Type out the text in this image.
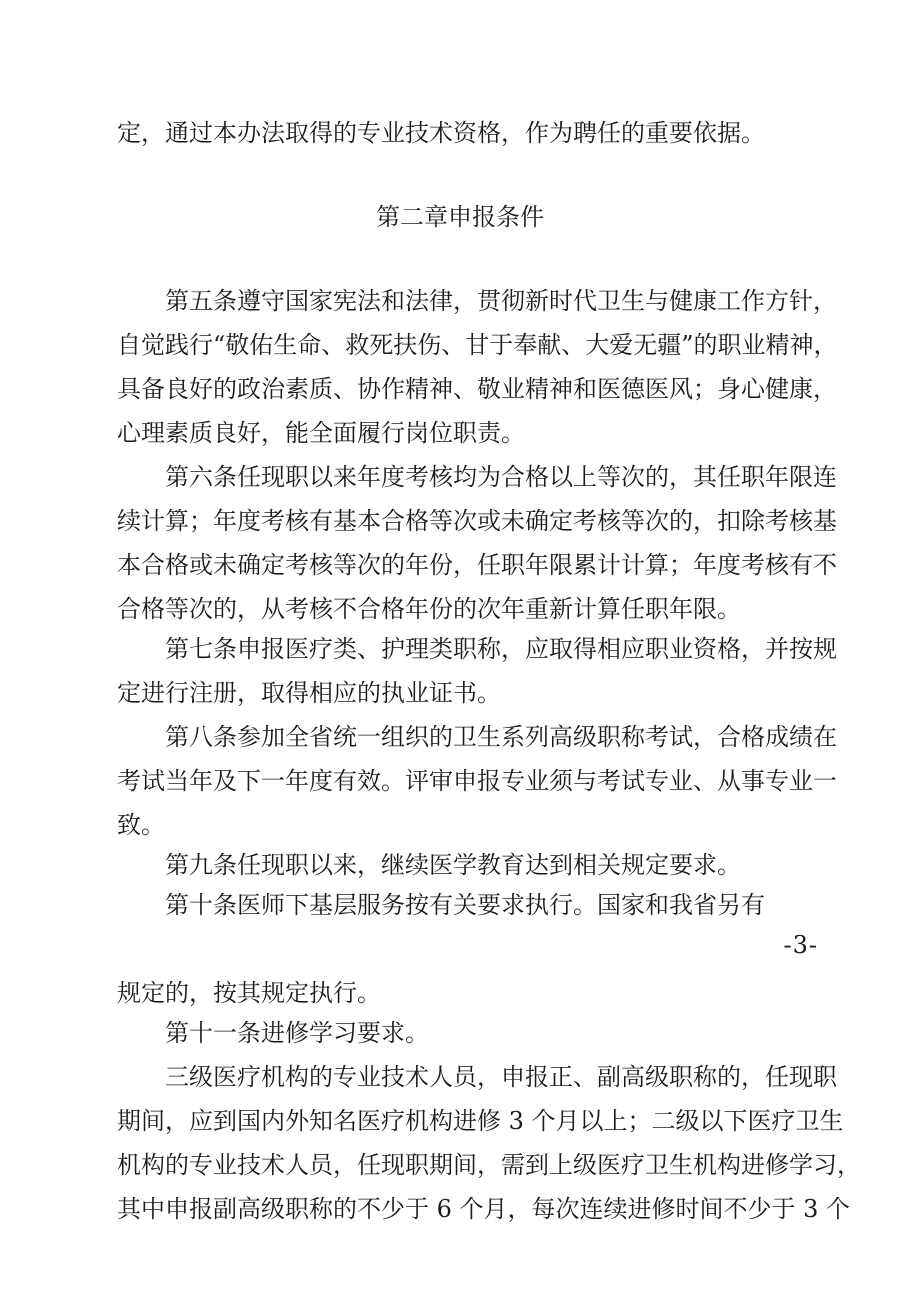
定，通过本办法取得的专业技术资格，作为聘任的重要依据。
第二章申报条件
第五条遵守国家宪法和法律，贯彻新时代卫生与健康工作方针，
自觉践行“敬佑生命、救死扶伤、甘于奉献、大爱无疆”的职业精神，
具备良好的政治素质、协作精神、敬业精神和医德医风；身心健康，
心理素质良好，能全面履行岗位职责。
第六条任现职以来年度考核均为合格以上等次的，其任职年限连
续计算；年度考核有基本合格等次或未确定考核等次的，扣除考核基
本合格或未确定考核等次的年份，任职年限累计计算；年度考核有不
合格等次的，从考核不合格年份的次年重新计算任职年限。
第七条申报医疗类、护理类职称，应取得相应职业资格，并按规
定进行注册，取得相应的执业证书。
第八条参加全省统一组织的卫生系列高级职称考试，合格成绩在
考试当年及下一年度有效。评审申报专业须与考试专业、从事专业一
致。
第九条任现职以来，继续医学教育达到相关规定要求。
第十条医师下基层服务按有关要求执行。国家和我省另有
-3-
规定的，按其规定执行。
第十一条进修学习要求。
三级医疗机构的专业技术人员，申报正、副高级职称的，任现职
期间，应到国内外知名医疗机构进修 3 个月以上；二级以下医疗卫生
机构的专业技术人员，任现职期间，需到上级医疗卫生机构进修学习，
其中申报副高级职称的不少于 6 个月，每次连续进修时间不少于 3 个
